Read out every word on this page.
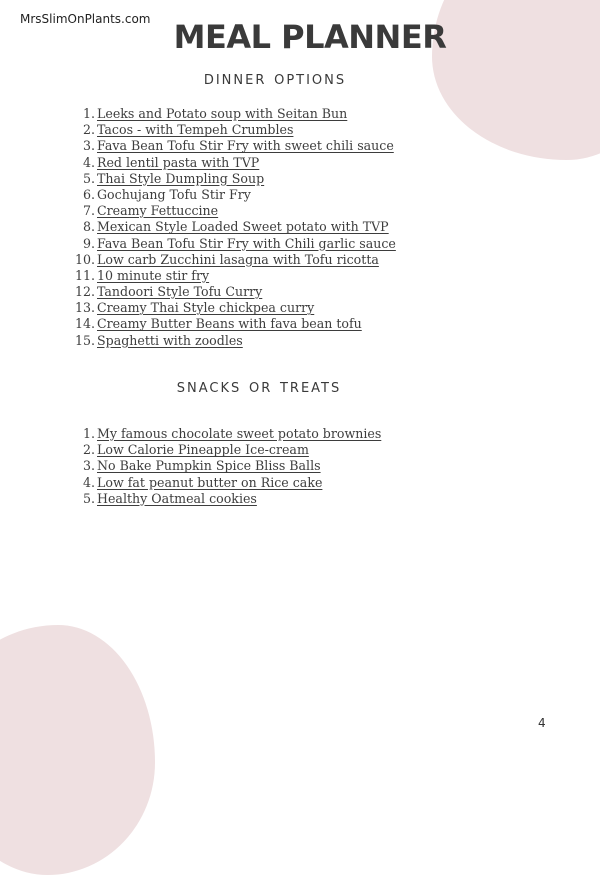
MrsSlimOnPlants.com MEAL PLANNER
dinner options
1. Leeks and Potato soup with Seitan Bun
2. Tacos - with Tempeh Crumbles
3. Fava Bean Tofu Stir Fry with sweet chili sauce
4. Red lentil pasta with TVP
5. Thai Style Dumpling Soup
6. Gochujang Tofu Stir Fry
7. Creamy Fettuccine
8. Mexican Style Loaded Sweet potato with TVP
9. Fava Bean Tofu Stir Fry with Chili garlic sauce
10. Low carb Zucchini lasagna with Tofu ricotta
11. 10 minute stir fry
12. Tandoori Style Tofu Curry
13. Creamy Thai Style chickpea curry
14. Creamy Butter Beans with fava bean tofu
15. Spaghetti with zoodles
snacks or treats
1. My famous chocolate sweet potato brownies
2. Low Calorie Pineapple Ice-cream
3. No Bake Pumpkin Spice Bliss Balls
4. Low fat peanut butter on Rice cake
5. Healthy Oatmeal cookies
4
